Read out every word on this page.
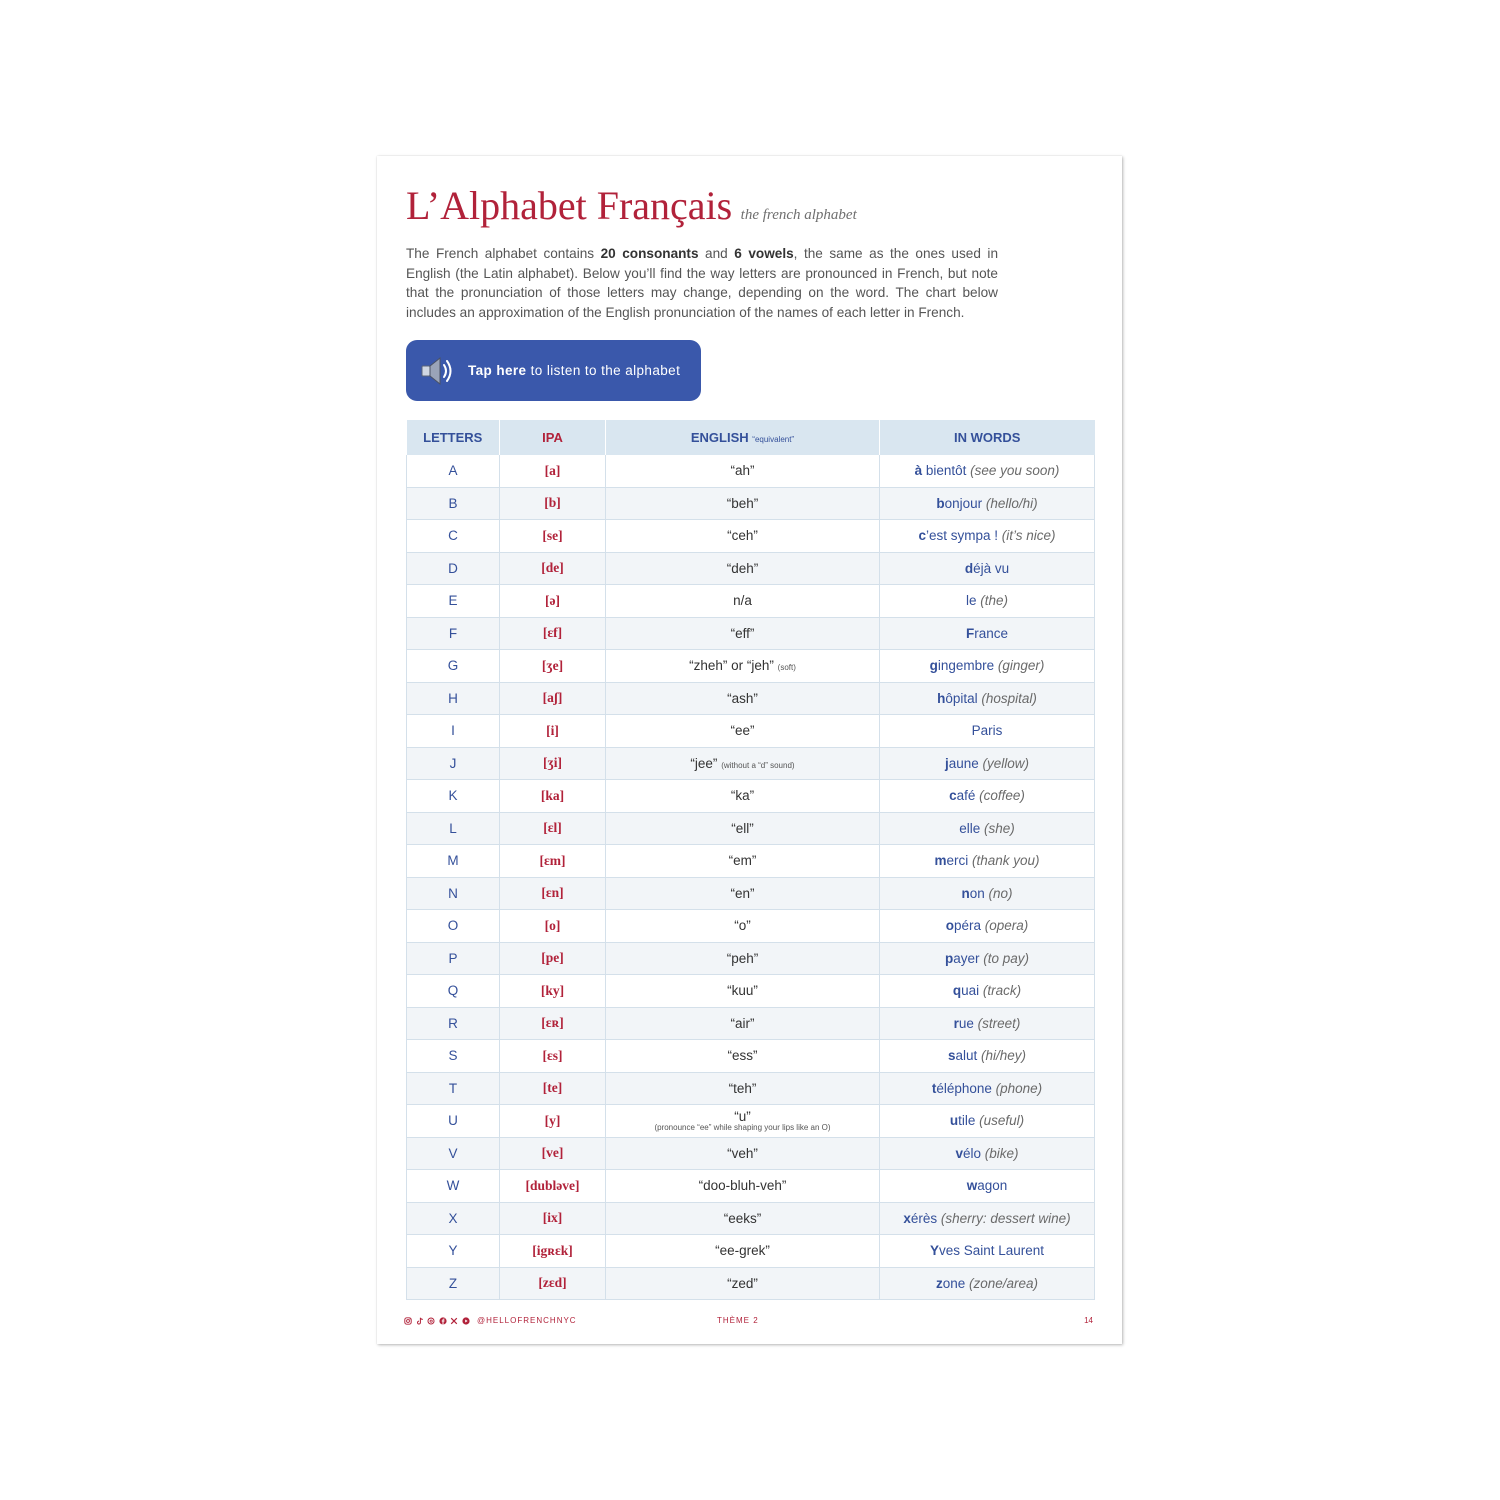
L’Alphabet Français the french alphabet

The French alphabet contains 20 consonants and 6 vowels, the same as the ones used in English (the Latin alphabet). Below you’ll find the way letters are pronounced in French, but note that the pronunciation of those letters may change, depending on the word. The chart below includes an approximation of the English pronunciation of the names of each letter in French.

Tap here to listen to the alphabet
LETTERS	IPA	ENGLISH “equivalent”	IN WORDS
A	[a]	“ah”	à bientôt (see you soon)
B	[b]	“beh”	bonjour (hello/hi)
C	[se]	“ceh”	c’est sympa ! (it’s nice)
D	[de]	“deh”	déjà vu
E	[ə]	n/a	le (the)
F	[ɛf]	“eff”	France
G	[ʒe]	“zheh” or “jeh” (soft)	gingembre (ginger)
H	[aʃ]	“ash”	hôpital (hospital)
I	[i]	“ee”	Paris
J	[ʒi]	“jee” (without a “d” sound)	jaune (yellow)
K	[ka]	“ka”	café (coffee)
L	[ɛl]	“ell”	elle (she)
M	[ɛm]	“em”	merci (thank you)
N	[ɛn]	“en”	non (no)
O	[o]	“o”	opéra (opera)
P	[pe]	“peh”	payer (to pay)
Q	[ky]	“kuu”	quai (track)
R	[ɛʀ]	“air”	rue (street)
S	[ɛs]	“ess”	salut (hi/hey)
T	[te]	“teh”	téléphone (phone)
U	[y]	“u”
(pronounce “ee” while shaping your lips like an O)	utile (useful)
V	[ve]	“veh”	vélo (bike)
W	[dubləve]	“doo-bluh-veh”	wagon
X	[ix]	“eeks”	xérès (sherry: dessert wine)
Y	[igʀɛk]	“ee-grek”	Yves Saint Laurent
Z	[zɛd]	“zed”	zone (zone/area)
@HELLOFRENCHNYC	THÈME 2	14
